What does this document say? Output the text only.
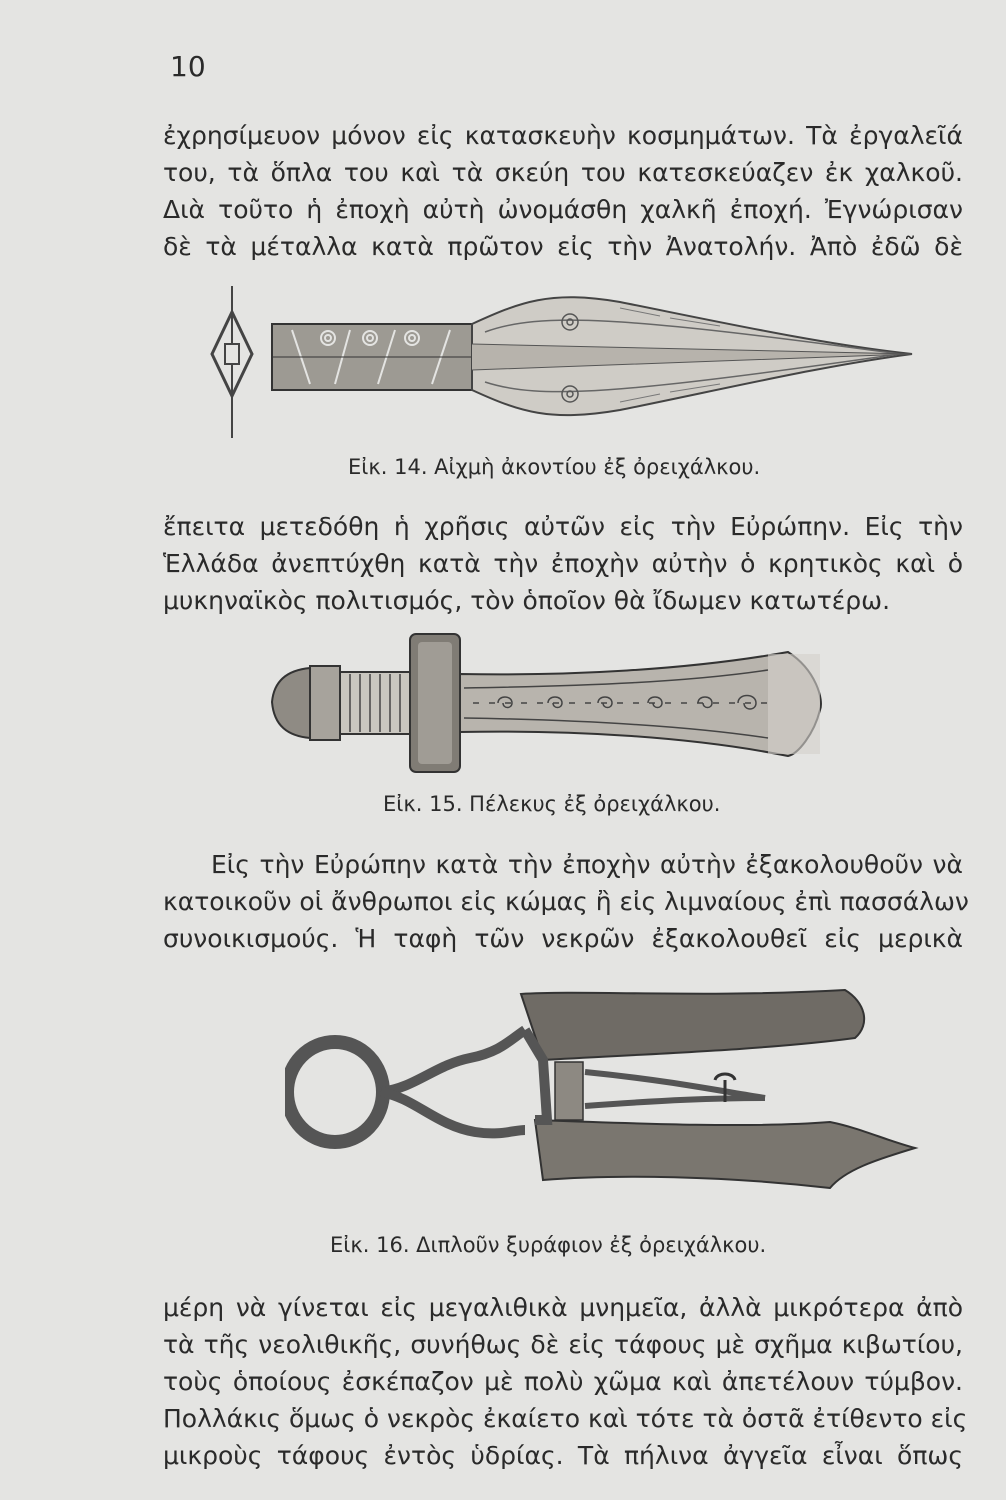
10

ἐχρησίμευον μόνον εἰς κατασκευὴν κοσμημάτων. Τὰ ἐργαλεῖά
του, τὰ ὅπλα του καὶ τὰ σκεύη του κατεσκεύαζεν ἐκ χαλκοῦ.
Διὰ τοῦτο ἡ ἐποχὴ αὐτὴ ὠνομάσθη χαλκῆ ἐποχή. Ἐγνώρισαν
δὲ τὰ μέταλλα κατὰ πρῶτον εἰς τὴν Ἀνατολήν. Ἀπὸ ἐδῶ δὲ

Εἰκ. 14. Αἰχμὴ ἀκοντίου ἐξ ὀρειχάλκου.

ἔπειτα μετεδόθη ἡ χρῆσις αὐτῶν εἰς τὴν Εὐρώπην. Εἰς τὴν
Ἑλλάδα ἀνεπτύχθη κατὰ τὴν ἐποχὴν αὐτὴν ὁ κρητικὸς καὶ ὁ
μυκηναϊκὸς πολιτισμός, τὸν ὁποῖον θὰ ἴδωμεν κατωτέρω.

Εἰκ. 15. Πέλεκυς ἐξ ὀρειχάλκου.

Εἰς τὴν Εὐρώπην κατὰ τὴν ἐποχὴν αὐτὴν ἐξακολουθοῦν νὰ
κατοικοῦν οἱ ἄνθρωποι εἰς κώμας ἢ εἰς λιμναίους ἐπὶ πασσάλων
συνοικισμούς. Ἡ ταφὴ τῶν νεκρῶν ἐξακολουθεῖ εἰς μερικὰ

Εἰκ. 16. Διπλοῦν ξυράφιον ἐξ ὀρειχάλκου.

μέρη νὰ γίνεται εἰς μεγαλιθικὰ μνημεῖα, ἀλλὰ μικρότερα ἀπὸ
τὰ τῆς νεολιθικῆς, συνήθως δὲ εἰς τάφους μὲ σχῆμα κιβωτίου,
τοὺς ὁποίους ἐσκέπαζον μὲ πολὺ χῶμα καὶ ἀπετέλουν τύμβον.
Πολλάκις ὅμως ὁ νεκρὸς ἐκαίετο καὶ τότε τὰ ὀστᾶ ἐτίθεντο εἰς
μικροὺς τάφους ἐντὸς ὑδρίας. Τὰ πήλινα ἀγγεῖα εἶναι ὅπως
